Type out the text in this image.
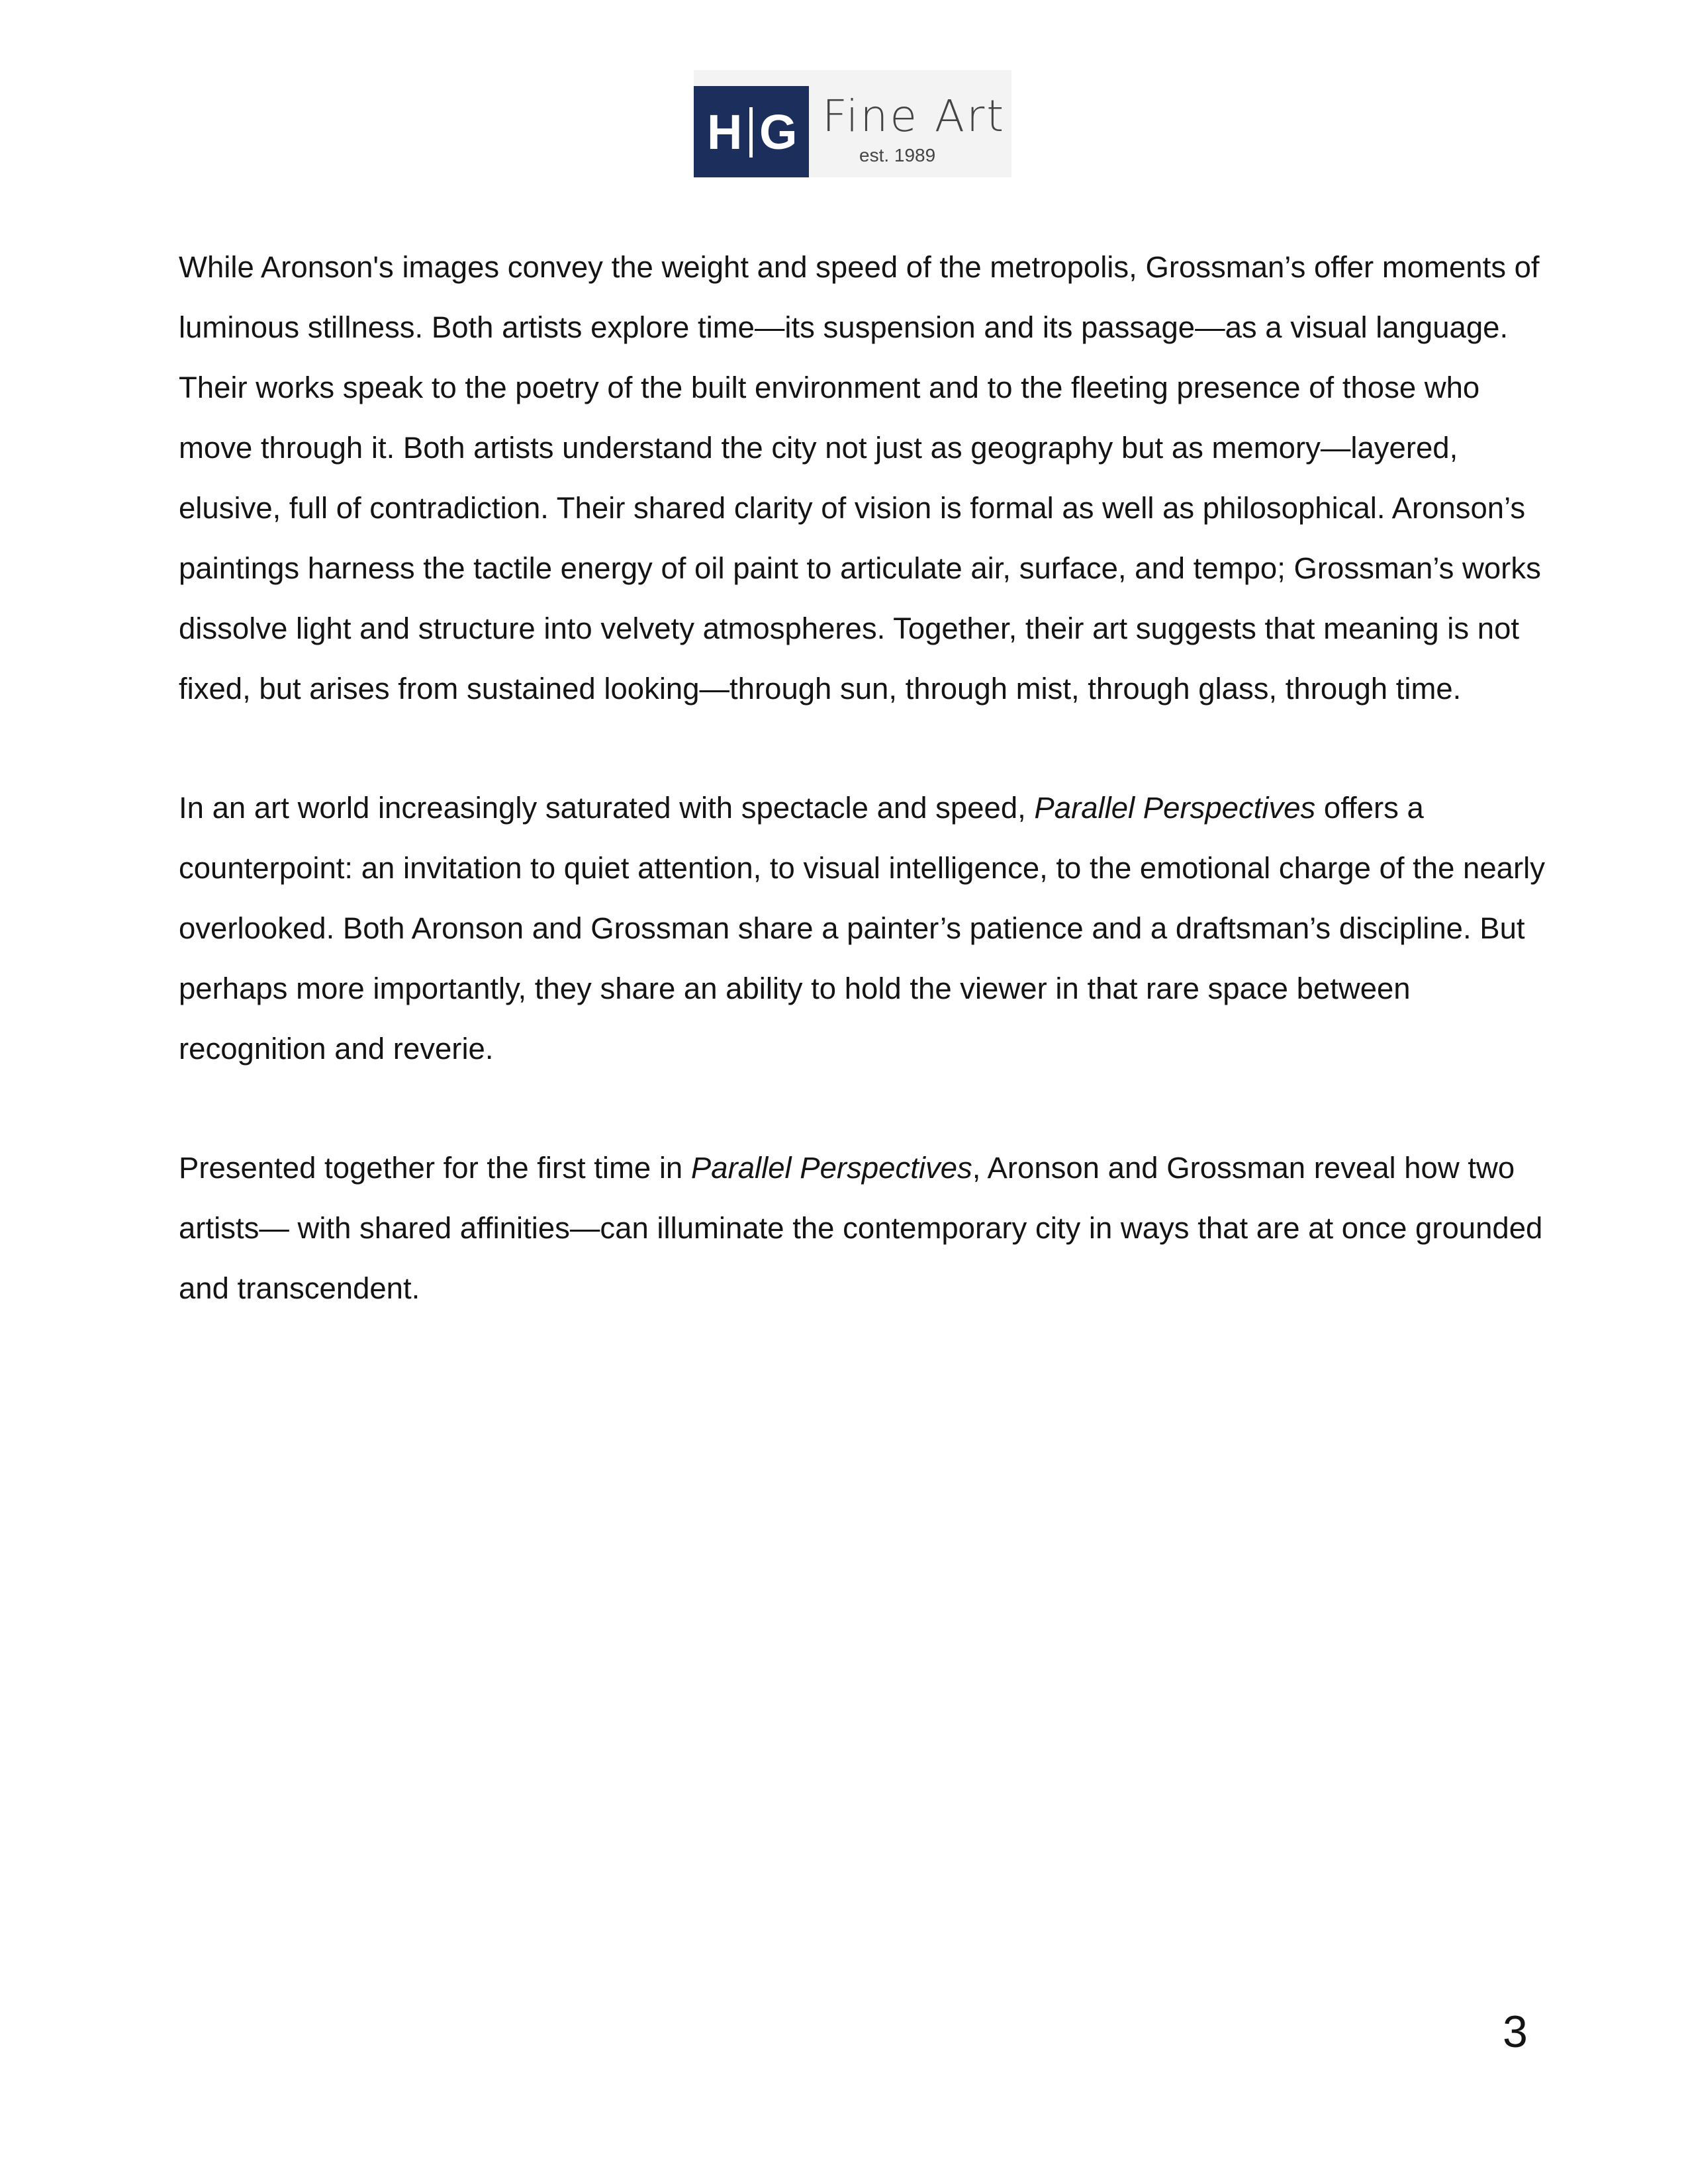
H G Fine Art
est. 1989

While Aronson's images convey the weight and speed of the metropolis, Grossman’s offer moments of luminous stillness. Both artists explore time—its suspension and its passage—as a visual language. Their works speak to the poetry of the built environment and to the fleeting presence of those who move through it. Both artists understand the city not just as geography but as memory—layered, elusive, full of contradiction. Their shared clarity of vision is formal as well as philosophical. Aronson’s paintings harness the tactile energy of oil paint to articulate air, surface, and tempo; Grossman’s works dissolve light and structure into velvety atmospheres. Together, their art suggests that meaning is not fixed, but arises from sustained looking—through sun, through mist, through glass, through time.

In an art world increasingly saturated with spectacle and speed, Parallel Perspectives offers a counterpoint: an invitation to quiet attention, to visual intelligence, to the emotional charge of the nearly overlooked. Both Aronson and Grossman share a painter’s patience and a draftsman’s discipline. But perhaps more importantly, they share an ability to hold the viewer in that rare space between recognition and reverie.

Presented together for the first time in Parallel Perspectives, Aronson and Grossman reveal how two artists— with shared affinities—can illuminate the contemporary city in ways that are at once grounded and transcendent.

3
